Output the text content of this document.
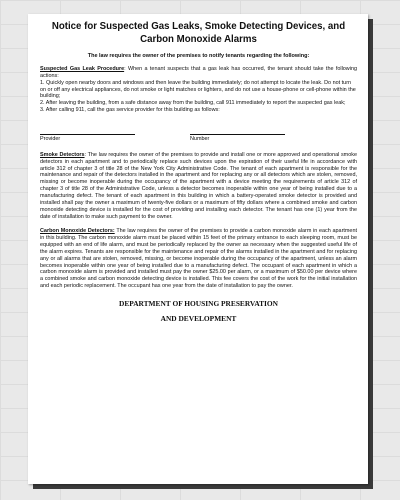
Notice for Suspected Gas Leaks, Smoke Detecting Devices, and Carbon Monoxide Alarms
The law requires the owner of the premises to notify tenants regarding the following:

Suspected Gas Leak Procedure: When a tenant suspects that a gas leak has occurred, the tenant should take the following actions:

1. Quickly open nearby doors and windows and then leave the building immediately; do not attempt to locate the leak. Do not turn on or off any electrical appliances, do not smoke or light matches or lighters, and do not use a house-phone or cell-phone within the building;

2. After leaving the building, from a safe distance away from the building, call 911 immediately to report the suspected gas leak;

3. After calling 911, call the gas service provider for this building as follows:

Provider	Number

Smoke Detectors: The law requires the owner of the premises to provide and install one or more approved and operational smoke detectors in each apartment and to periodically replace such devices upon the expiration of their useful life in accordance with article 312 of chapter 3 of title 28 of the New York City Administrative Code. The tenant of each apartment is responsible for the maintenance and repair of the detectors installed in the apartment and for replacing any or all detectors which are stolen, removed, missing or become inoperable during the occupancy of the apartment with a device meeting the requirements of article 312 of chapter 3 of title 28 of the Administrative Code, unless a detector becomes inoperable within one year of being installed due to a manufacturing defect. The tenant of each apartment in this building in which a battery-operated smoke detector is provided and installed shall pay the owner a maximum of twenty-five dollars or a maximum of fifty dollars where a combined smoke and carbon monoxide detecting device is installed for the cost of providing and installing each detector. The tenant has one (1) year from the date of installation to make such payment to the owner.

Carbon Monoxide Detectors: The law requires the owner of the premises to provide a carbon monoxide alarm in each apartment in this building. The carbon monoxide alarm must be placed within 15 feet of the primary entrance to each sleeping room, must be equipped with an end of life alarm, and must be periodically replaced by the owner as necessary when the suggested useful life of the alarm expires. Tenants are responsible for the maintenance and repair of the alarms installed in the apartment and for replacing any or all alarms that are stolen, removed, missing, or become inoperable during the occupancy of the apartment, unless an alarm becomes inoperable within one year of being installed due to a manufacturing defect. The occupant of each apartment in which a carbon monoxide alarm is provided and installed must pay the owner $25.00 per alarm, or a maximum of $50.00 per device where a combined smoke and carbon monoxide detecting device is installed. This fee covers the cost of the work for the initial installation and each periodic replacement. The occupant has one year from the date of installation to pay the owner.

DEPARTMENT OF HOUSING PRESERVATION
AND DEVELOPMENT
